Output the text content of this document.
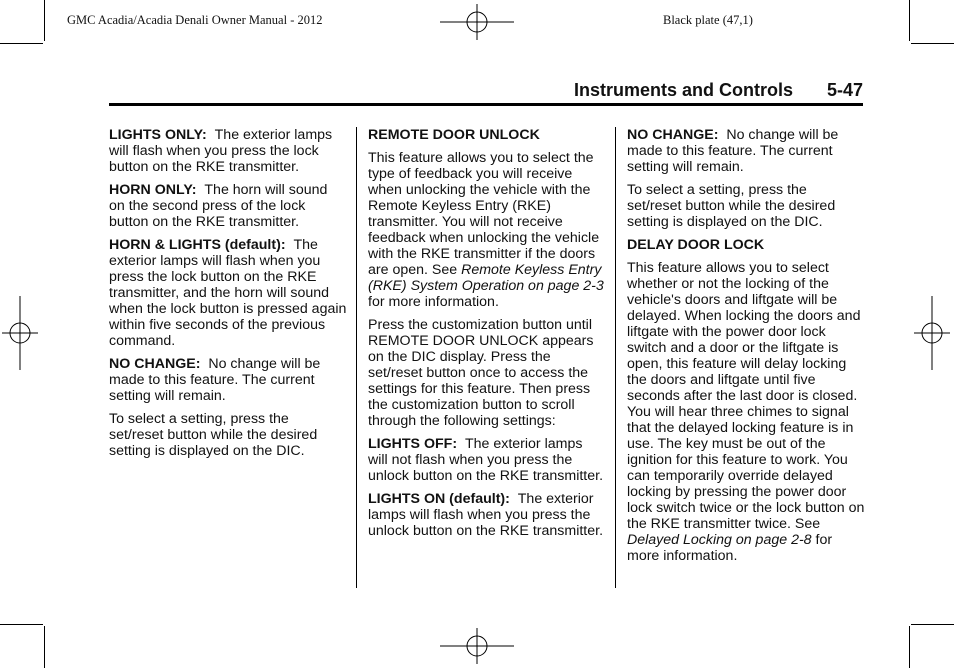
GMC Acadia/Acadia Denali Owner Manual - 2012	Black plate (47,1)
Instruments and Controls 5-47

LIGHTS ONLY: The exterior lamps will flash when you press the lock button on the RKE transmitter.

HORN ONLY: The horn will sound on the second press of the lock button on the RKE transmitter.

HORN & LIGHTS (default): The exterior lamps will flash when you press the lock button on the RKE transmitter, and the horn will sound when the lock button is pressed again within five seconds of the previous command.

NO CHANGE: No change will be made to this feature. The current setting will remain.

To select a setting, press the set/reset button while the desired setting is displayed on the DIC.

REMOTE DOOR UNLOCK

This feature allows you to select the type of feedback you will receive when unlocking the vehicle with the Remote Keyless Entry (RKE) transmitter. You will not receive feedback when unlocking the vehicle with the RKE transmitter if the doors are open. See Remote Keyless Entry (RKE) System Operation on page 2-3 for more information.

Press the customization button until REMOTE DOOR UNLOCK appears on the DIC display. Press the set/reset button once to access the settings for this feature. Then press the customization button to scroll through the following settings:

LIGHTS OFF: The exterior lamps will not flash when you press the unlock button on the RKE transmitter.

LIGHTS ON (default): The exterior lamps will flash when you press the unlock button on the RKE transmitter.

NO CHANGE: No change will be made to this feature. The current setting will remain.

To select a setting, press the set/reset button while the desired setting is displayed on the DIC.

DELAY DOOR LOCK

This feature allows you to select whether or not the locking of the vehicle's doors and liftgate will be delayed. When locking the doors and liftgate with the power door lock switch and a door or the liftgate is open, this feature will delay locking the doors and liftgate until five seconds after the last door is closed. You will hear three chimes to signal that the delayed locking feature is in use. The key must be out of the ignition for this feature to work. You can temporarily override delayed locking by pressing the power door lock switch twice or the lock button on the RKE transmitter twice. See Delayed Locking on page 2-8 for more information.
